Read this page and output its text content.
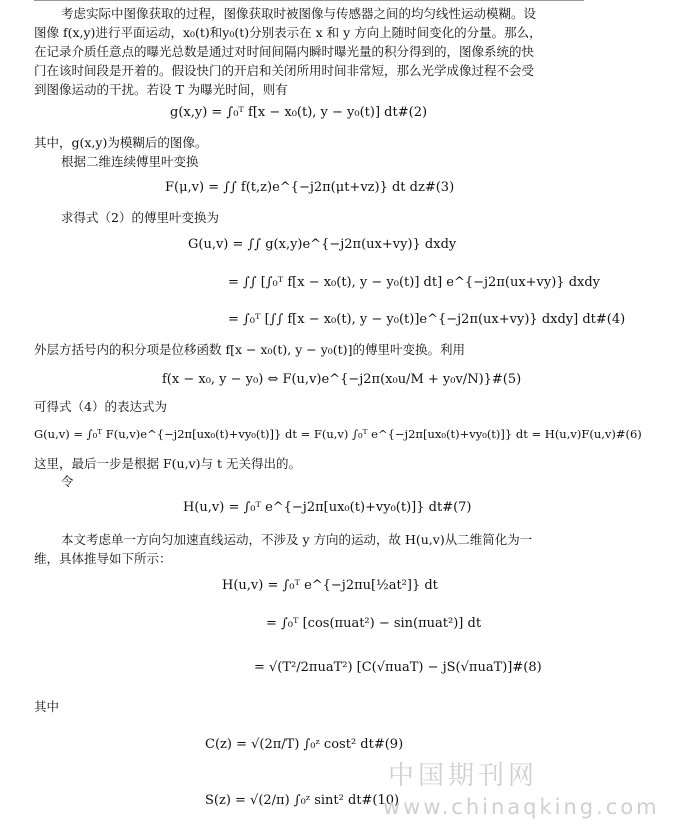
考虑实际中图像获取的过程，图像获取时被图像与传感器之间的均匀线性运动模糊。设
图像 f(x,y)进行平面运动，x₀(t)和y₀(t)分别表示在 x 和 y 方向上随时间变化的分量。那么，
在记录介质任意点的曝光总数是通过对时间间隔内瞬时曝光量的积分得到的，图像系统的快
门在该时间段是开着的。假设快门的开启和关闭所用时间非常短，那么光学成像过程不会受
到图像运动的干扰。若设 T 为曝光时间，则有
g(x,y) = ∫₀ᵀ f[x − x₀(t), y − y₀(t)] dt#(2)
其中，g(x,y)为模糊后的图像。
根据二维连续傅里叶变换
F(μ,v) = ∫∫ f(t,z)e^{−j2π(μt+vz)} dt dz#(3)
求得式（2）的傅里叶变换为
G(u,v) = ∫∫ g(x,y)e^{−j2π(ux+vy)} dxdy
= ∫∫ [∫₀ᵀ f[x − x₀(t), y − y₀(t)] dt] e^{−j2π(ux+vy)} dxdy
= ∫₀ᵀ [∫∫ f[x − x₀(t), y − y₀(t)]e^{−j2π(ux+vy)} dxdy] dt#(4)
外层方括号内的积分项是位移函数 f[x − x₀(t), y − y₀(t)]的傅里叶变换。利用
f(x − x₀, y − y₀) ⇔ F(u,v)e^{−j2π(x₀u/M + y₀v/N)}#(5)
可得式（4）的表达式为
G(u,v) = ∫₀ᵀ F(u,v)e^{−j2π[ux₀(t)+vy₀(t)]} dt = F(u,v) ∫₀ᵀ e^{−j2π[ux₀(t)+vy₀(t)]} dt = H(u,v)F(u,v)#(6)
这里，最后一步是根据 F(u,v)与 t 无关得出的。
令
H(u,v) = ∫₀ᵀ e^{−j2π[ux₀(t)+vy₀(t)]} dt#(7)
本文考虑单一方向匀加速直线运动，不涉及 y 方向的运动，故 H(u,v)从二维简化为一
维，具体推导如下所示：
H(u,v) = ∫₀ᵀ e^{−j2πu[½at²]} dt
= ∫₀ᵀ [cos(πuat²) − sin(πuat²)] dt
= √(T²/2πuaT²) [C(√πuaT) − jS(√πuaT)]#(8)
其中
C(z) = √(2π/T) ∫₀ᶻ cost² dt#(9)
S(z) = √(2/π) ∫₀ᶻ sint² dt#(10)
中国期刊网
www.chinaqking.com
